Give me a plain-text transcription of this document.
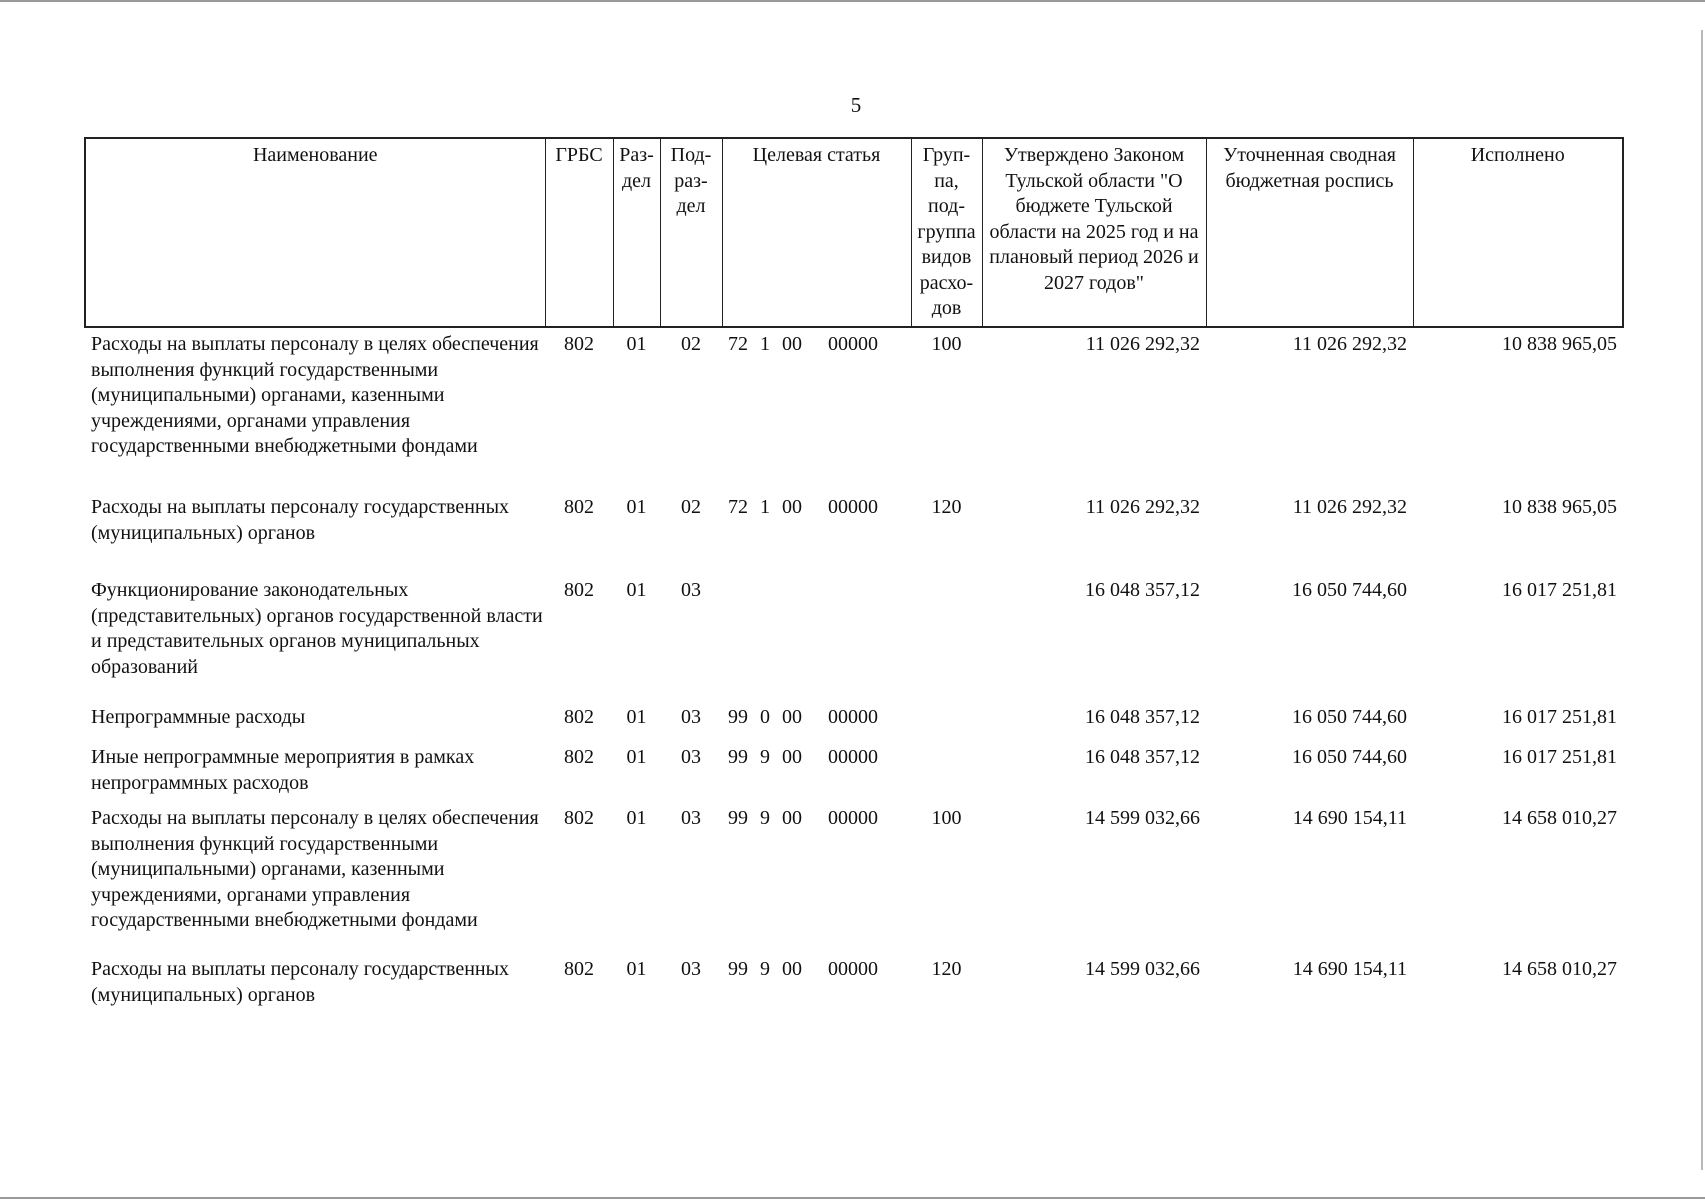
5
Наименование	ГРБС	Раз- дел	Под- раз- дел	Целевая статья	Груп- па, под- группа видов расхо- дов	Утверждено Законом Тульской области "О бюджете Тульской области на 2025 год и на плановый период 2026 и 2027 годов"	Уточненная сводная бюджетная роспись	Исполнено
Расходы на выплаты персоналу в целях обеспечения выполнения функций государственными (муниципальными) органами, казенными учреждениями, органами управления государственными внебюджетными фондами	802	01	02	72 1 00 00000	100	11 026 292,32	11 026 292,32	10 838 965,05
Расходы на выплаты персоналу государственных (муниципальных) органов	802	01	02	72 1 00 00000	120	11 026 292,32	11 026 292,32	10 838 965,05
Функционирование законодательных (представительных) органов государственной власти и представительных органов муниципальных образований	802	01	03			16 048 357,12	16 050 744,60	16 017 251,81
Непрограммные расходы	802	01	03	99 0 00 00000		16 048 357,12	16 050 744,60	16 017 251,81
Иные непрограммные мероприятия в рамках непрограммных расходов	802	01	03	99 9 00 00000		16 048 357,12	16 050 744,60	16 017 251,81
Расходы на выплаты персоналу в целях обеспечения выполнения функций государственными (муниципальными) органами, казенными учреждениями, органами управления государственными внебюджетными фондами	802	01	03	99 9 00 00000	100	14 599 032,66	14 690 154,11	14 658 010,27
Расходы на выплаты персоналу государственных (муниципальных) органов	802	01	03	99 9 00 00000	120	14 599 032,66	14 690 154,11	14 658 010,27
